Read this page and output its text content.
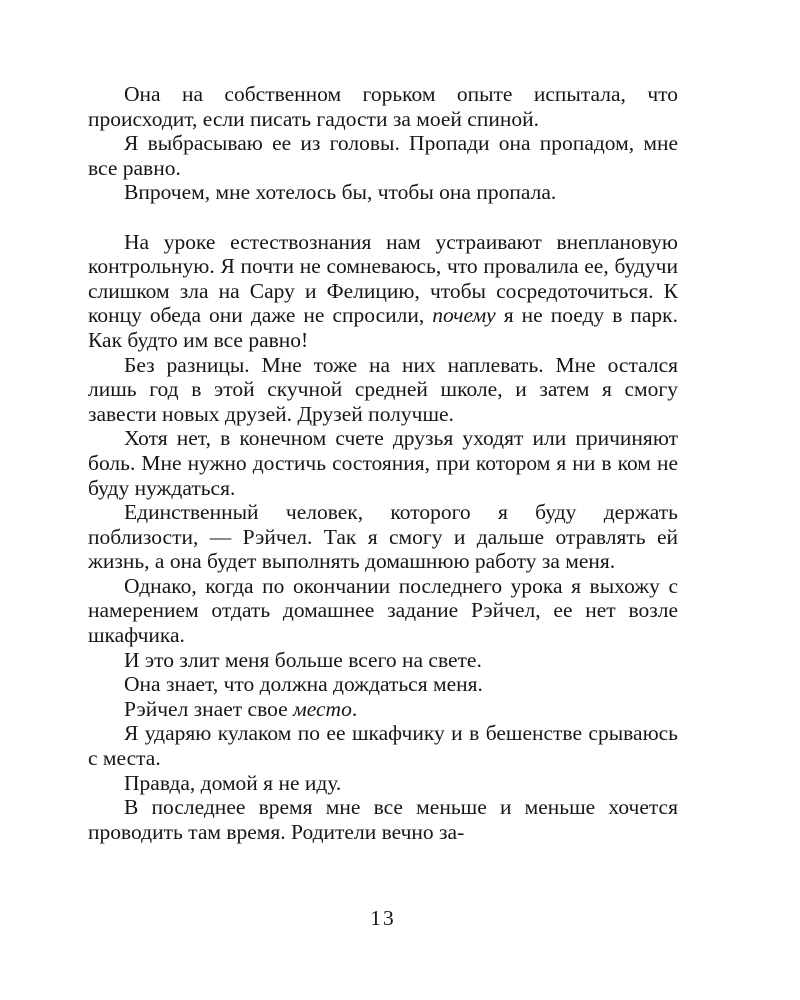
Она на собственном горьком опыте испытала, что происходит, если писать гадости за моей спиной.

Я выбрасываю ее из головы. Пропади она пропадом, мне все равно.

Впрочем, мне хотелось бы, чтобы она пропала.

На уроке естествознания нам устраивают внеплановую контрольную. Я почти не сомневаюсь, что провалила ее, будучи слишком зла на Сару и Фелицию, чтобы сосредоточиться. К концу обеда они даже не спросили, почему я не поеду в парк. Как будто им все равно!

Без разницы. Мне тоже на них наплевать. Мне остался лишь год в этой скучной средней школе, и затем я смогу завести новых друзей. Друзей получше.

Хотя нет, в конечном счете друзья уходят или причиняют боль. Мне нужно достичь состояния, при котором я ни в ком не буду нуждаться.

Единственный человек, которого я буду держать поблизости, — Рэйчел. Так я смогу и дальше отравлять ей жизнь, а она будет выполнять домашнюю работу за меня.

Однако, когда по окончании последнего урока я выхожу с намерением отдать домашнее задание Рэйчел, ее нет возле шкафчика.

И это злит меня больше всего на свете.

Она знает, что должна дождаться меня.

Рэйчел знает свое место.

Я ударяю кулаком по ее шкафчику и в бешенстве срываюсь с места.

Правда, домой я не иду.

В последнее время мне все меньше и меньше хочется проводить там время. Родители вечно за-

13
